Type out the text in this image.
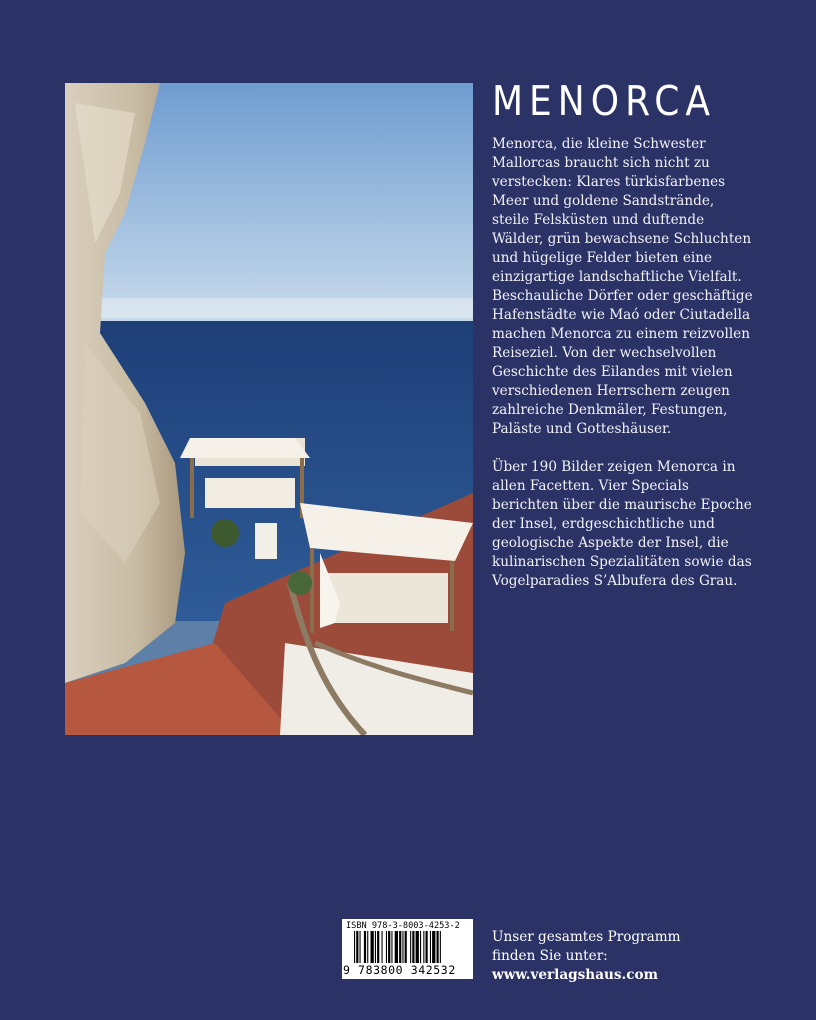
MENORCA

Menorca, die kleine Schwester Mallorcas braucht sich nicht zu verstecken: Klares türkisfarbenes Meer und goldene Sandstrände, steile Felsküsten und duftende Wälder, grün bewachsene Schluchten und hügelige Felder bieten eine einzigartige landschaftliche Vielfalt. Beschauliche Dörfer oder geschäftige Hafenstädte wie Maó oder Ciutadella machen Menorca zu einem reizvollen Reiseziel. Von der wechselvollen Geschichte des Eilandes mit vielen verschiedenen Herrschern zeugen zahlreiche Denkmäler, Festungen, Paläste und Gotteshäuser.

Über 190 Bilder zeigen Menorca in allen Facetten. Vier Specials berichten über die maurische Epoche der Insel, erdgeschichtliche und geologische Aspekte der Insel, die kulinarischen Spezialitäten sowie das Vogelparadies S’Albufera des Grau.

ISBN 978-3-8003-4253-2
9 783800 342532
Unser gesamtes Programm
finden Sie unter:
www.verlagshaus.com
